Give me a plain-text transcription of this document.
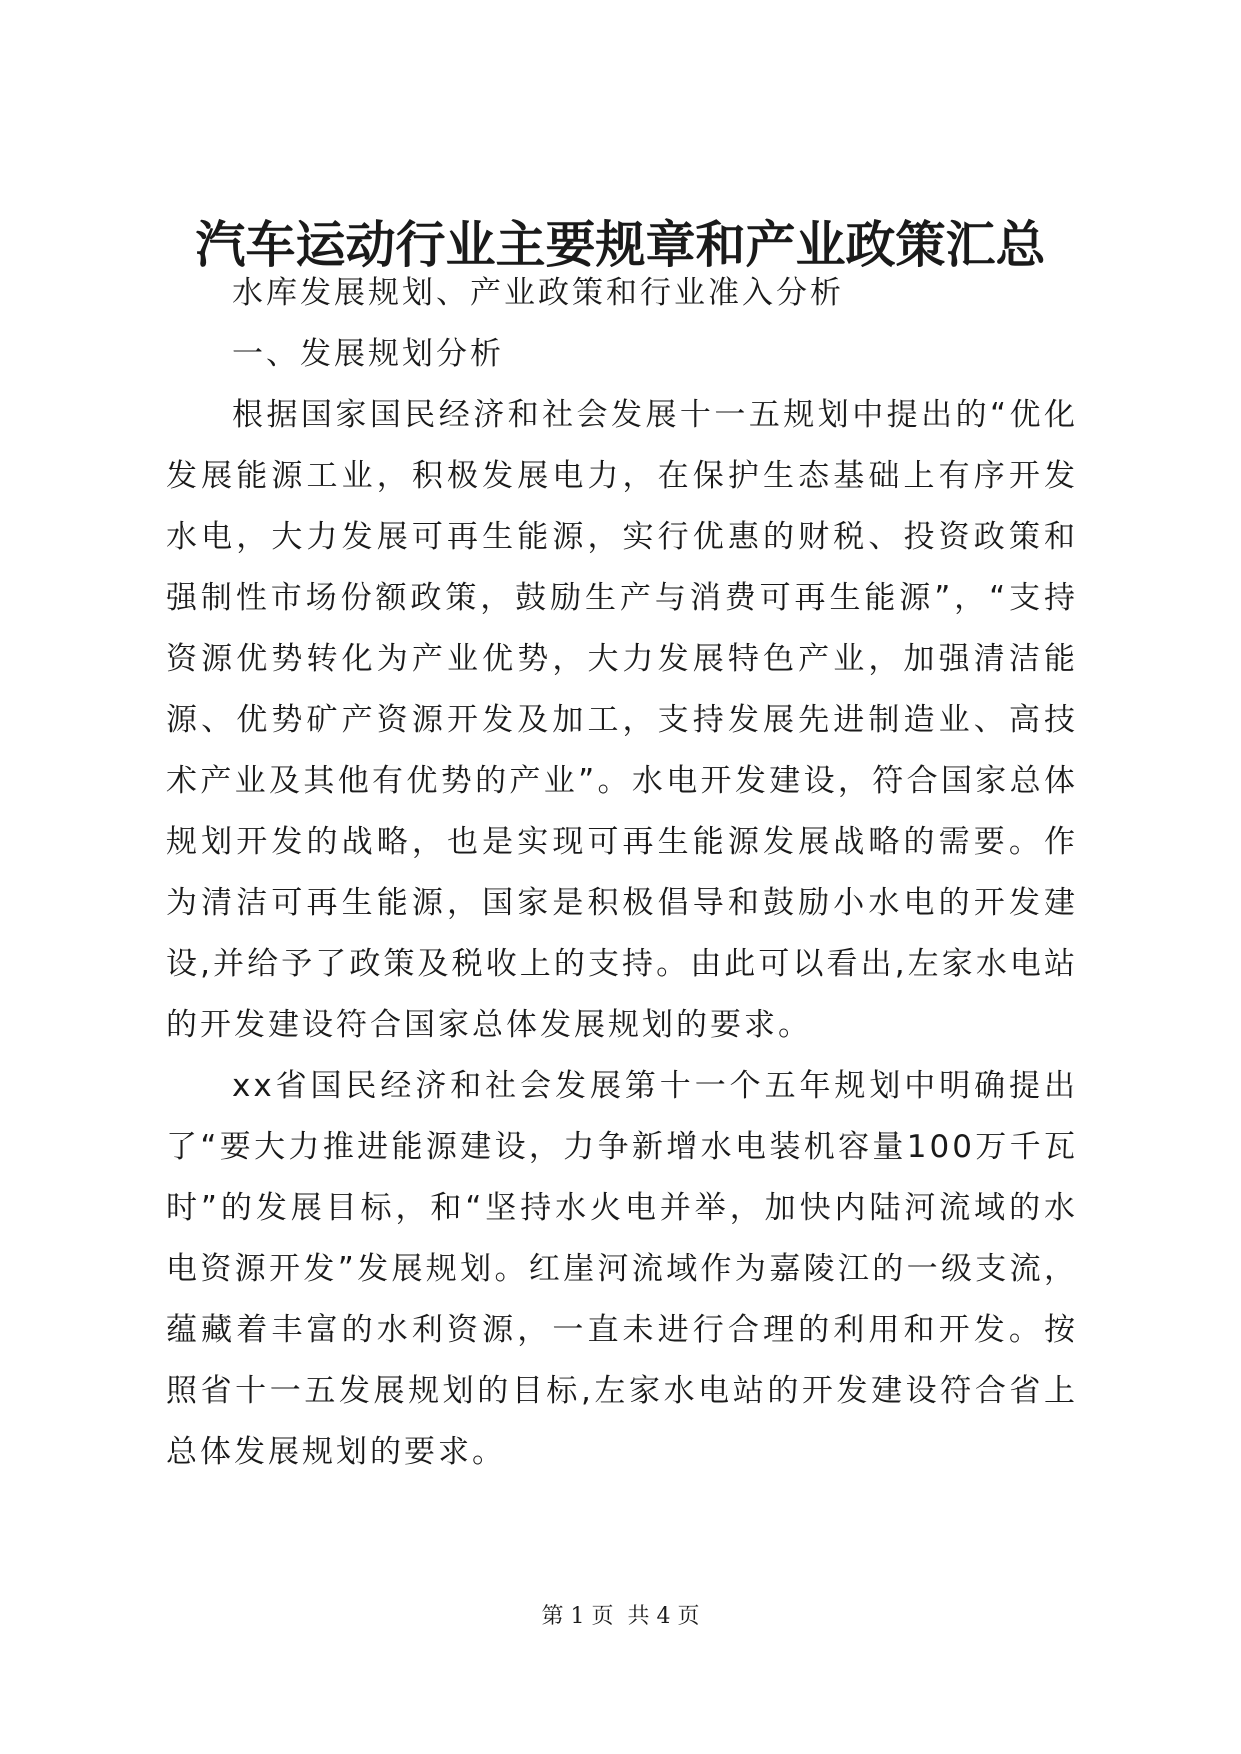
汽车运动行业主要规章和产业政策汇总

水库发展规划、产业政策和行业准入分析

一、发展规划分析

根据国家国民经济和社会发展十一五规划中提出的“优化发展能源工业，积极发展电力，在保护生态基础上有序开发水电，大力发展可再生能源，实行优惠的财税、投资政策和强制性市场份额政策，鼓励生产与消费可再生能源”，“支持资源优势转化为产业优势，大力发展特色产业，加强清洁能源、优势矿产资源开发及加工，支持发展先进制造业、高技术产业及其他有优势的产业”。水电开发建设，符合国家总体规划开发的战略，也是实现可再生能源发展战略的需要。作为清洁可再生能源，国家是积极倡导和鼓励小水电的开发建设,并给予了政策及税收上的支持。由此可以看出,左家水电站的开发建设符合国家总体发展规划的要求。

xx省国民经济和社会发展第十一个五年规划中明确提出了“要大力推进能源建设，力争新增水电装机容量100万千瓦时”的发展目标，和“坚持水火电并举，加快内陆河流域的水电资源开发”发展规划。红崖河流域作为嘉陵江的一级支流，蕴藏着丰富的水利资源，一直未进行合理的利用和开发。按照省十一五发展规划的目标,左家水电站的开发建设符合省上总体发展规划的要求。

第 1 页  共 4 页
